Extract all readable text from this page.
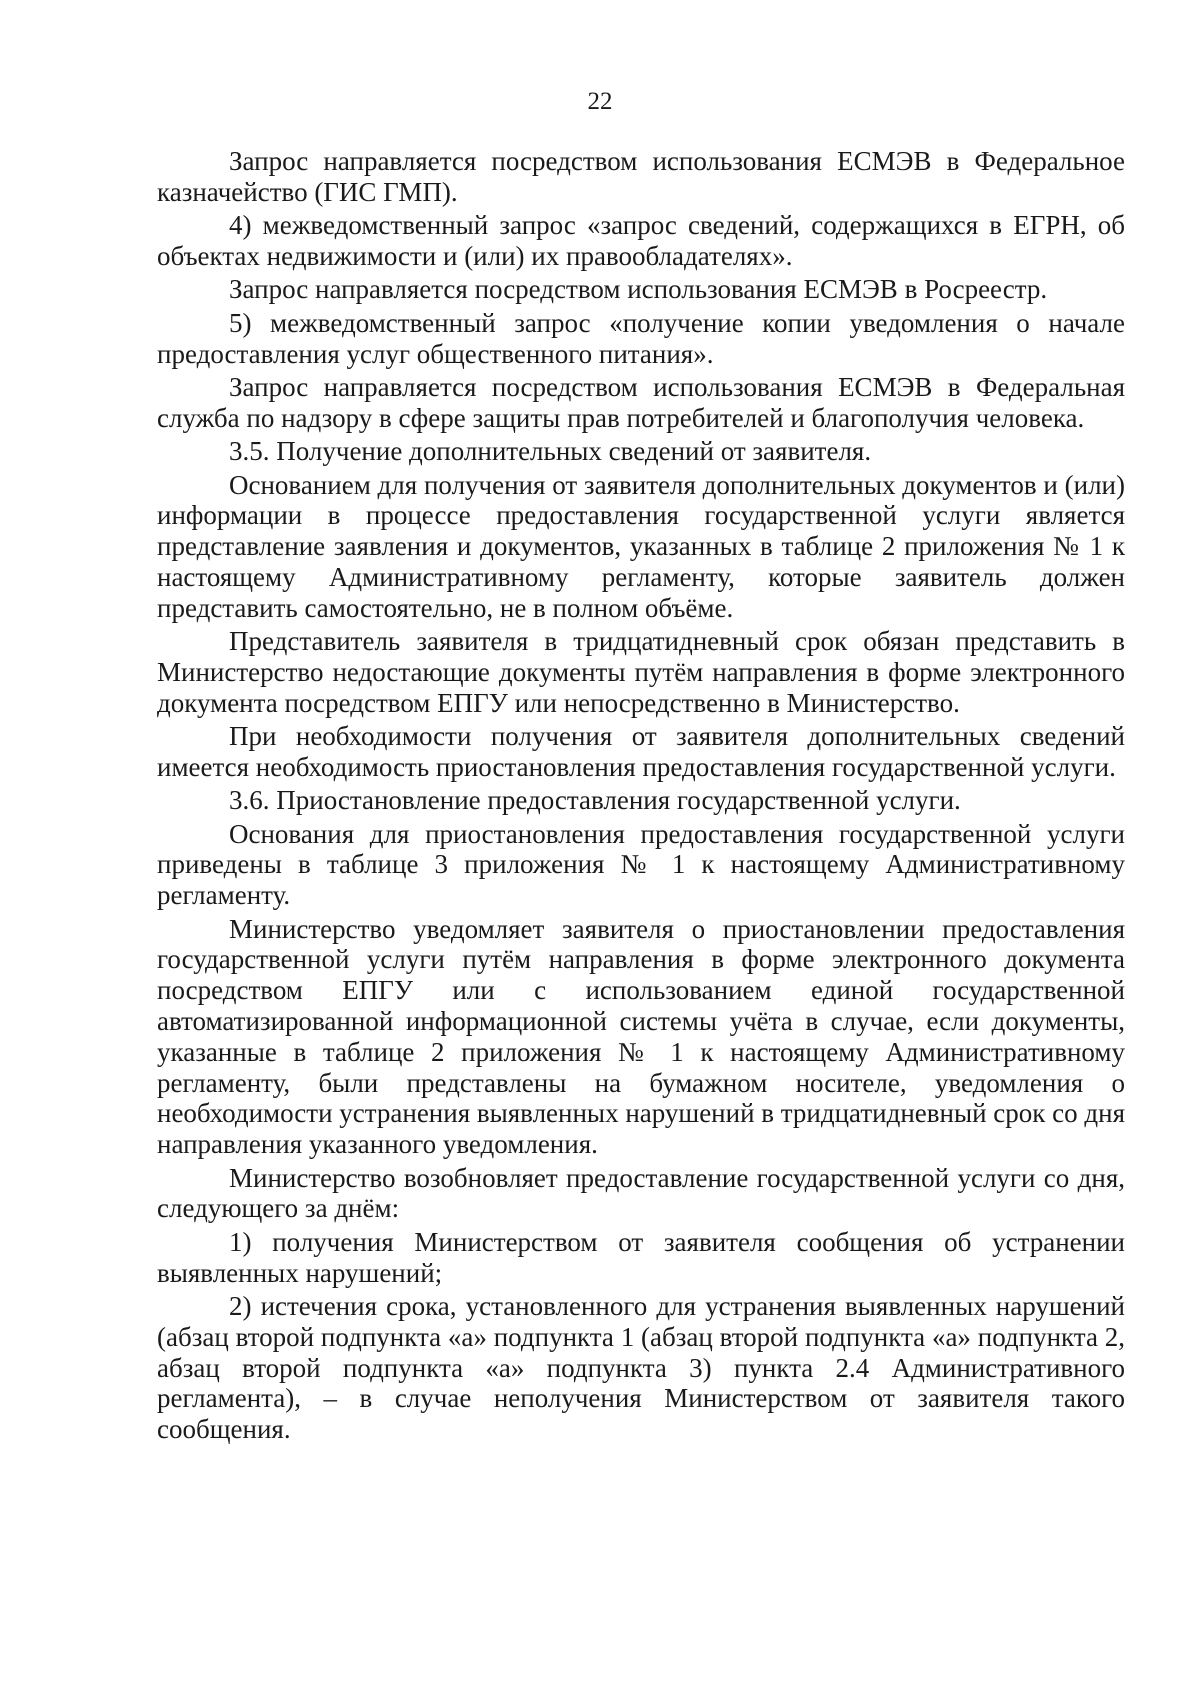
22

Запрос направляется посредством использования ЕСМЭВ в Федеральное казначейство (ГИС ГМП).

4) межведомственный запрос «запрос сведений, содержащихся в ЕГРН, об объектах недвижимости и (или) их правообладателях».

Запрос направляется посредством использования ЕСМЭВ в Росреестр.

5) межведомственный запрос «получение копии уведомления о начале предоставления услуг общественного питания».

Запрос направляется посредством использования ЕСМЭВ в Федеральная служба по надзору в сфере защиты прав потребителей и благополучия человека.

3.5. Получение дополнительных сведений от заявителя.

Основанием для получения от заявителя дополнительных документов и (или) информации в процессе предоставления государственной услуги является представление заявления и документов, указанных в таблице 2 приложения № 1 к настоящему Административному регламенту, которые заявитель должен представить самостоятельно, не в полном объёме.

Представитель заявителя в тридцатидневный срок обязан представить в Министерство недостающие документы путём направления в форме электронного документа посредством ЕПГУ или непосредственно в Министерство.

При необходимости получения от заявителя дополнительных сведений имеется необходимость приостановления предоставления государственной услуги.

3.6. Приостановление предоставления государственной услуги.

Основания для приостановления предоставления государственной услуги приведены в таблице 3 приложения № 1 к настоящему Административному регламенту.

Министерство уведомляет заявителя о приостановлении предоставления государственной услуги путём направления в форме электронного документа посредством ЕПГУ или с использованием единой государственной автоматизированной информационной системы учёта в случае, если документы, указанные в таблице 2 приложения № 1 к настоящему Административному регламенту, были представлены на бумажном носителе, уведомления о необходимости устранения выявленных нарушений в тридцатидневный срок со дня направления указанного уведомления.

Министерство возобновляет предоставление государственной услуги со дня, следующего за днём:

1) получения Министерством от заявителя сообщения об устранении выявленных нарушений;

2) истечения срока, установленного для устранения выявленных нарушений (абзац второй подпункта «а» подпункта 1 (абзац второй подпункта «а» подпункта 2, абзац второй подпункта «а» подпункта 3) пункта 2.4 Административного регламента), – в случае неполучения Министерством от заявителя такого сообщения.
